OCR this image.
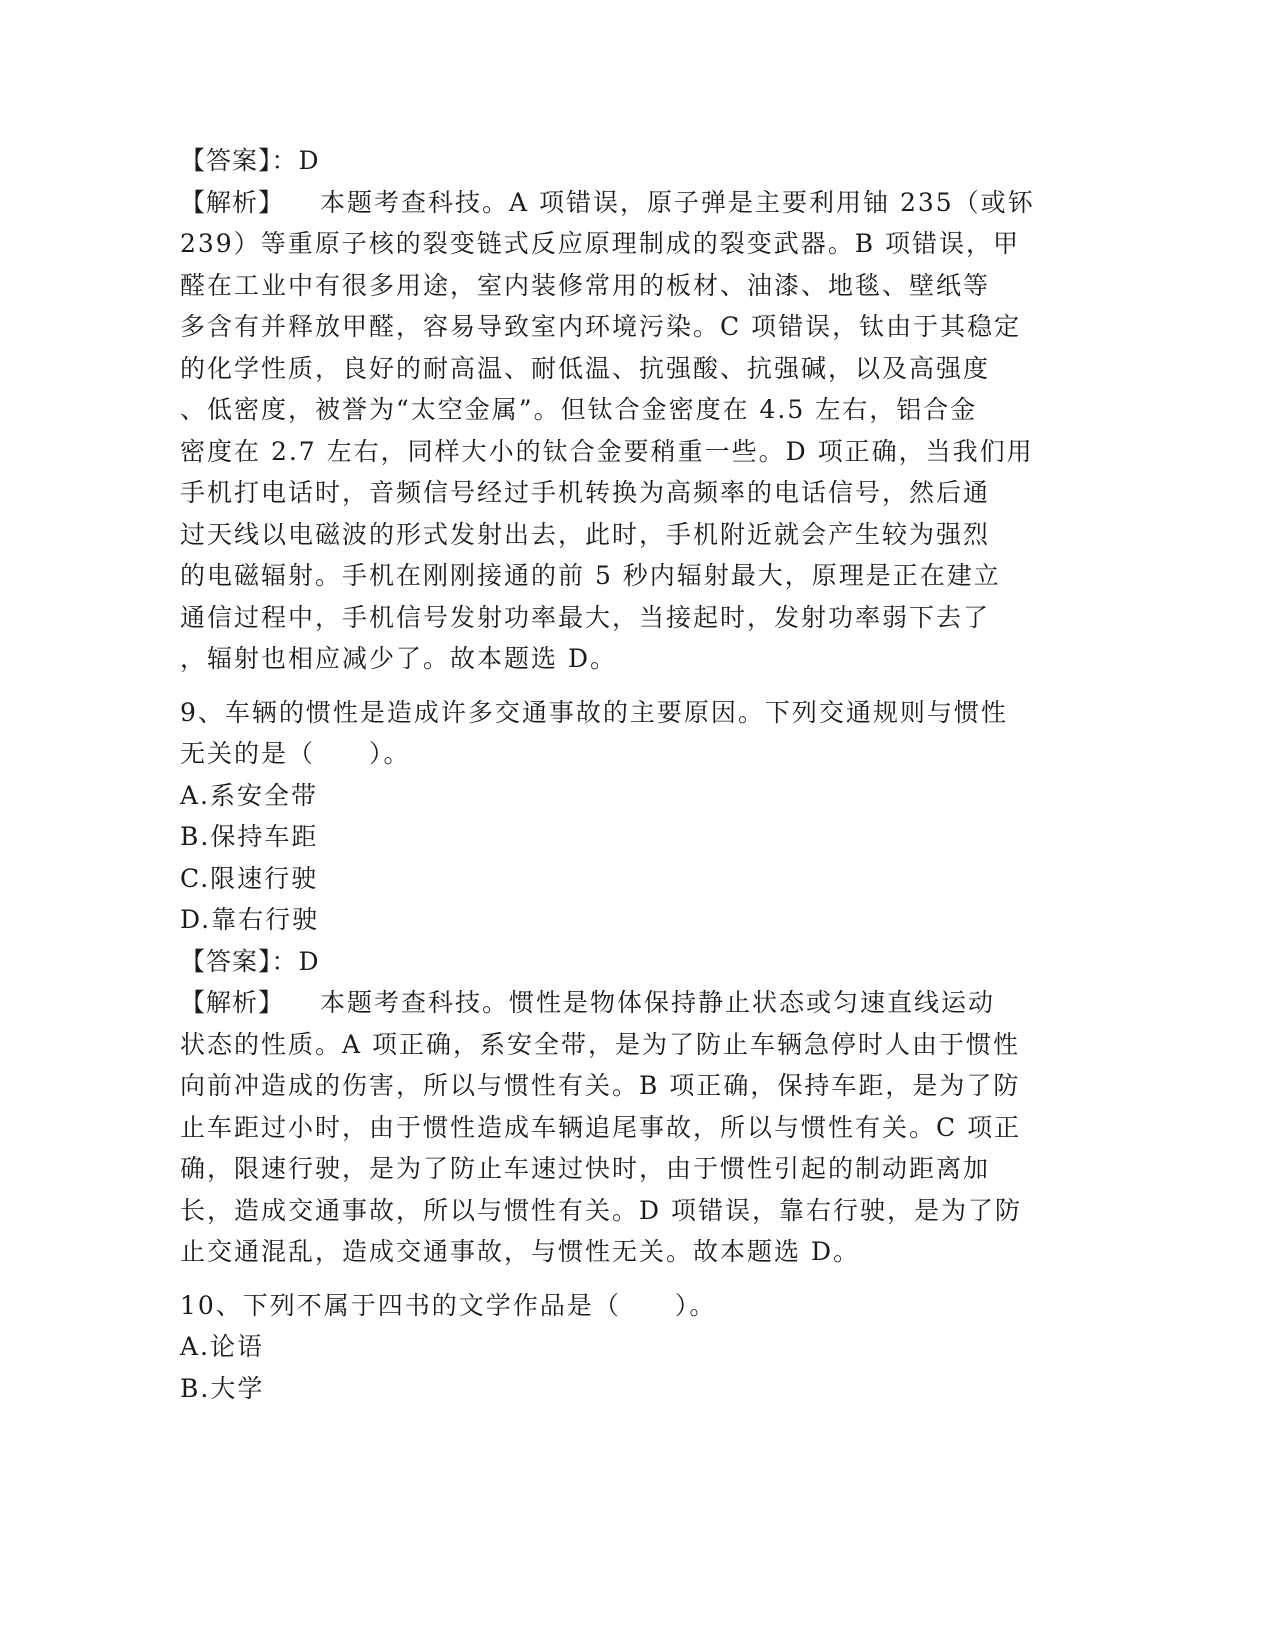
【答案】：D

【解析】 本题考查科技。A 项错误，原子弹是主要利用铀 235（或钚

239）等重原子核的裂变链式反应原理制成的裂变武器。B 项错误，甲

醛在工业中有很多用途，室内装修常用的板材、油漆、地毯、壁纸等

多含有并释放甲醛，容易导致室内环境污染。C 项错误，钛由于其稳定

的化学性质，良好的耐高温、耐低温、抗强酸、抗强碱，以及高强度

、低密度，被誉为“太空金属”。但钛合金密度在 4.5 左右，铝合金

密度在 2.7 左右，同样大小的钛合金要稍重一些。D 项正确，当我们用

手机打电话时，音频信号经过手机转换为高频率的电话信号，然后通

过天线以电磁波的形式发射出去，此时，手机附近就会产生较为强烈

的电磁辐射。手机在刚刚接通的前 5 秒内辐射最大，原理是正在建立

通信过程中，手机信号发射功率最大，当接起时，发射功率弱下去了

，辐射也相应减少了。故本题选 D。

9、车辆的惯性是造成许多交通事故的主要原因。下列交通规则与惯性

无关的是（　　）。

A.系安全带

B.保持车距

C.限速行驶

D.靠右行驶

【答案】：D

【解析】 本题考查科技。惯性是物体保持静止状态或匀速直线运动

状态的性质。A 项正确，系安全带，是为了防止车辆急停时人由于惯性

向前冲造成的伤害，所以与惯性有关。B 项正确，保持车距，是为了防

止车距过小时，由于惯性造成车辆追尾事故，所以与惯性有关。C 项正

确，限速行驶，是为了防止车速过快时，由于惯性引起的制动距离加

长，造成交通事故，所以与惯性有关。D 项错误，靠右行驶，是为了防

止交通混乱，造成交通事故，与惯性无关。故本题选 D。

10、下列不属于四书的文学作品是（　　）。

A.论语

B.大学
